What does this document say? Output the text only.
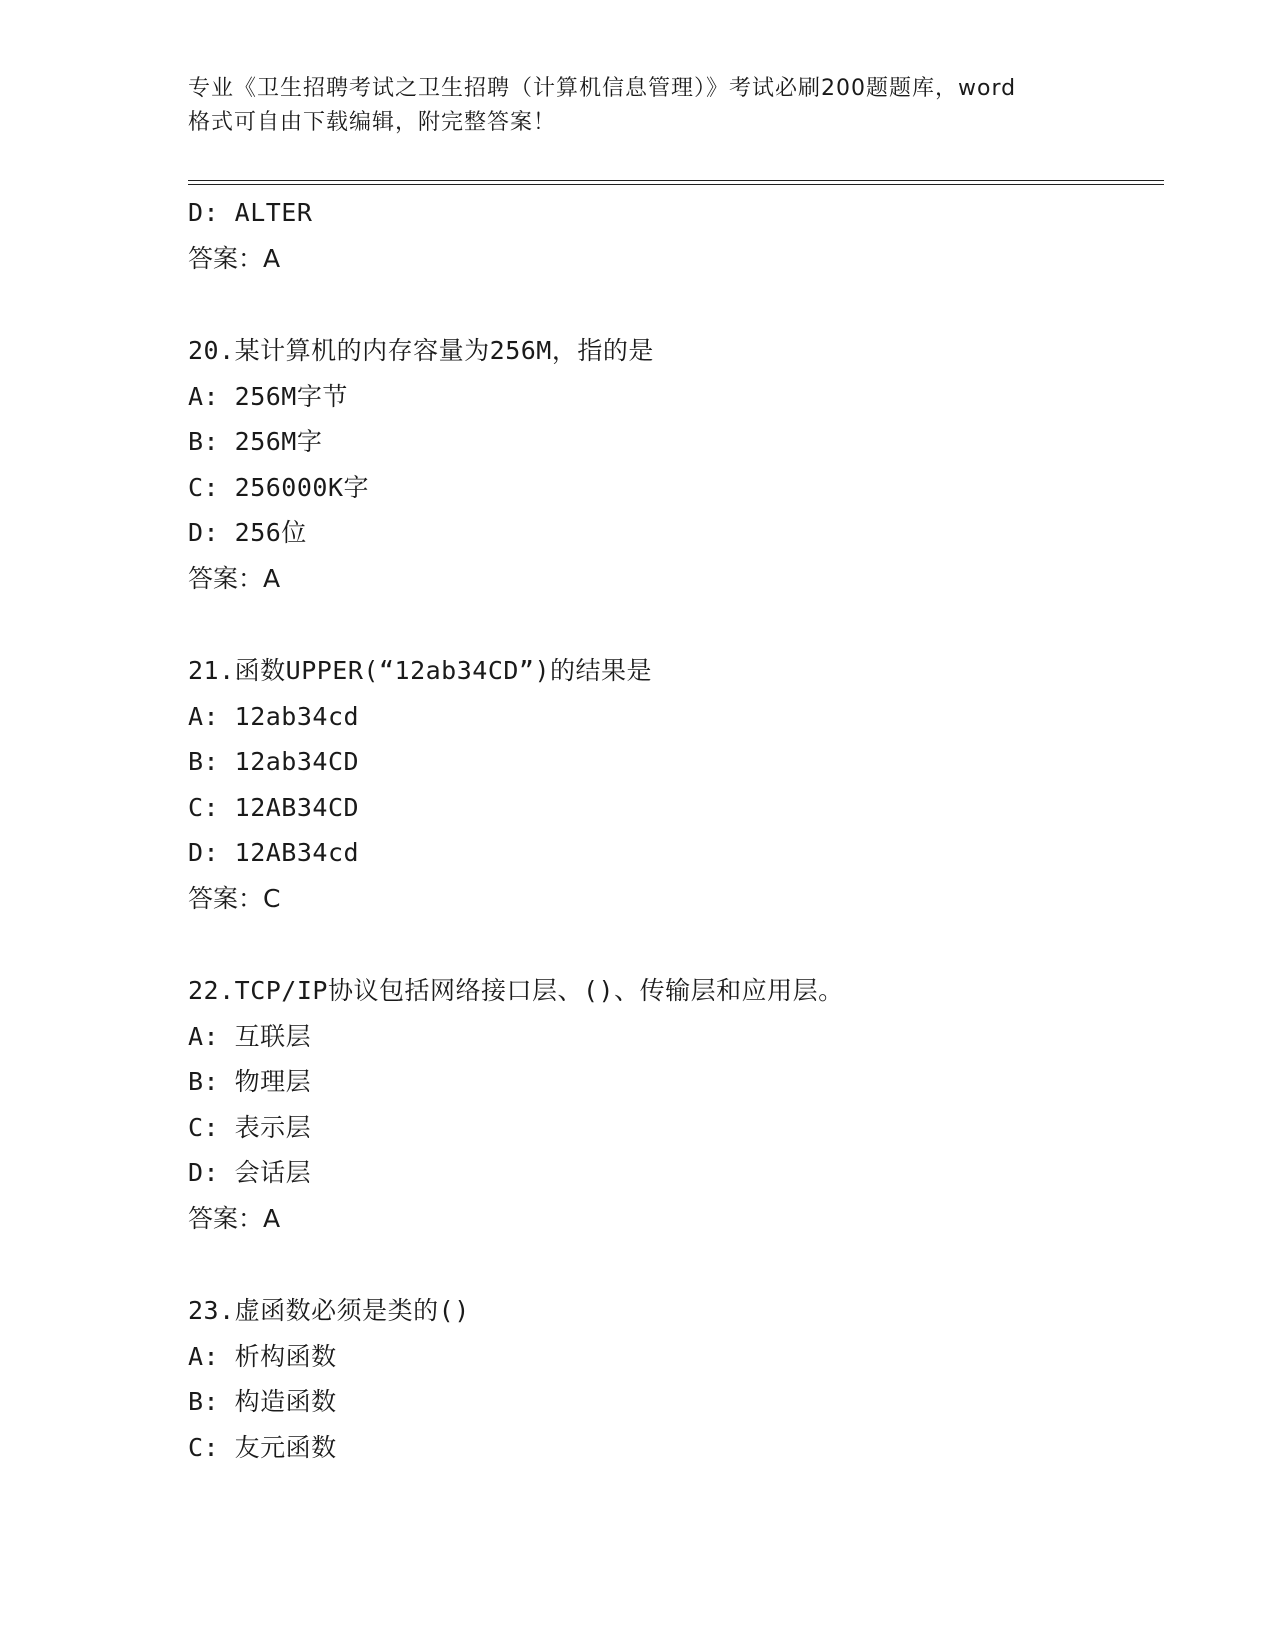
专业《卫生招聘考试之卫生招聘（计算机信息管理）》考试必刷200题题库，word
格式可自由下载编辑，附完整答案！
D: ALTER
答案：A
20.某计算机的内存容量为256M，指的是
A: 256M字节
B: 256M字
C: 256000K字
D: 256位
答案：A
21.函数UPPER(“12ab34CD”)的结果是
A: 12ab34cd
B: 12ab34CD
C: 12AB34CD
D: 12AB34cd
答案：C
22.TCP/IP协议包括网络接口层、()、传输层和应用层。
A: 互联层
B: 物理层
C: 表示层
D: 会话层
答案：A
23.虚函数必须是类的()
A: 析构函数
B: 构造函数
C: 友元函数
